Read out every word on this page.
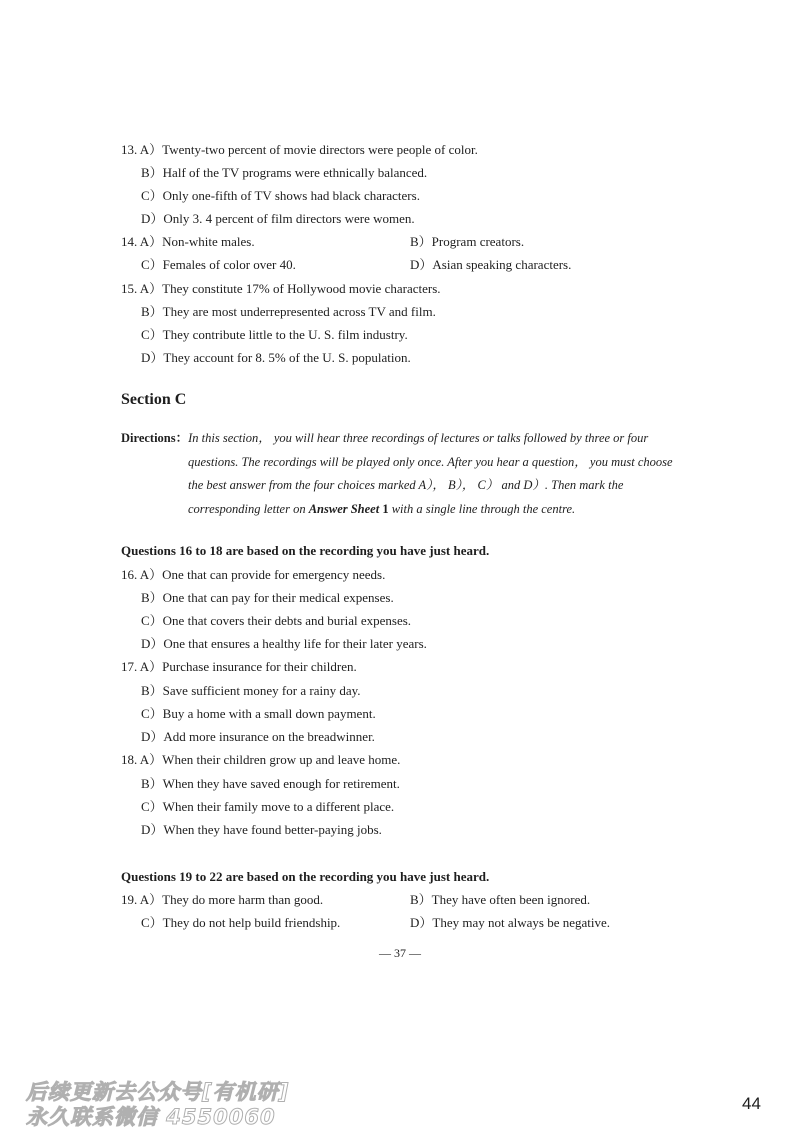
13. A）Twenty-two percent of movie directors were people of color.
B）Half of the TV programs were ethnically balanced.
C）Only one-fifth of TV shows had black characters.
D）Only 3. 4 percent of film directors were women.
14. A）Non-white males.	B）Program creators.
C）Females of color over 40.	D）Asian speaking characters.
15. A）They constitute 17% of Hollywood movie characters.
B）They are most underrepresented across TV and film.
C）They contribute little to the U. S. film industry.
D）They account for 8. 5% of the U. S. population.
Section C
Directions：In this section， you will hear three recordings of lectures or talks followed by three or four
questions. The recordings will be played only once. After you hear a question， you must choose the best answer from the four choices marked A）， B）， C） and D）. Then mark the corresponding letter on Answer Sheet 1 with a single line through the centre.
Questions 16 to 18 are based on the recording you have just heard.
16. A）One that can provide for emergency needs.
B）One that can pay for their medical expenses.
C）One that covers their debts and burial expenses.
D）One that ensures a healthy life for their later years.
17. A）Purchase insurance for their children.
B）Save sufficient money for a rainy day.
C）Buy a home with a small down payment.
D）Add more insurance on the breadwinner.
18. A）When their children grow up and leave home.
B）When they have saved enough for retirement.
C）When their family move to a different place.
D）When they have found better-paying jobs.
Questions 19 to 22 are based on the recording you have just heard.
19. A）They do more harm than good.	B）They have often been ignored.
C）They do not help build friendship.	D）They may not always be negative.
— 37 —
后续更新去公众号[有机研]
永久联系微信 4550060
44
